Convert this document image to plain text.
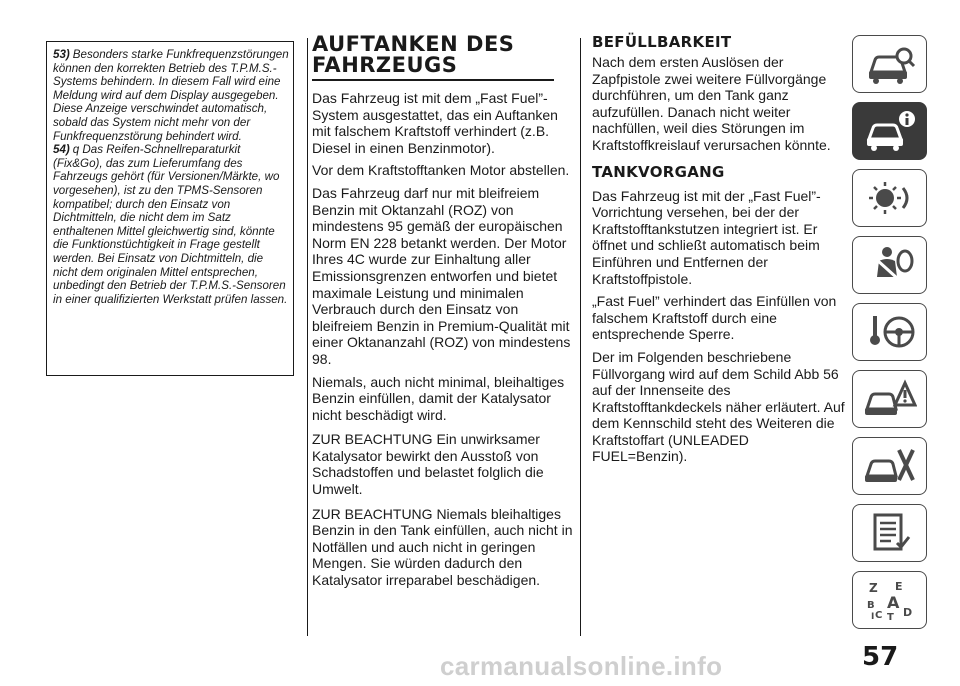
53) Besonders starke Funkfrequenzstörungen können den korrekten Betrieb des T.P.M.S.-Systems behindern. In diesem Fall wird eine Meldung wird auf dem Display ausgegeben. Diese Anzeige verschwindet automatisch, sobald das System nicht mehr von der Funkfrequenzstörung behindert wird.

54) q Das Reifen-Schnellreparaturkit (Fix&Go), das zum Lieferumfang des Fahrzeugs gehört (für Versionen/Märkte, wo vorgesehen), ist zu den TPMS-Sensoren kompatibel; durch den Einsatz von Dichtmitteln, die nicht dem im Satz enthaltenen Mittel gleichwertig sind, könnte die Funktionstüchtigkeit in Frage gestellt werden. Bei Einsatz von Dichtmitteln, die nicht dem originalen Mittel entsprechen, unbedingt den Betrieb der T.P.M.S.-Sensoren in einer qualifizierten Werkstatt prüfen lassen.

AUFTANKEN DES
FAHRZEUGS

Das Fahrzeug ist mit dem „Fast Fuel”-System ausgestattet, das ein Auftanken mit falschem Kraftstoff verhindert (z.B. Diesel in einen Benzinmotor).

Vor dem Kraftstofftanken Motor abstellen.

Das Fahrzeug darf nur mit bleifreiem Benzin mit Oktanzahl (ROZ) von mindestens 95 gemäß der europäischen Norm EN 228 betankt werden. Der Motor Ihres 4C wurde zur Einhaltung aller Emissionsgrenzen entworfen und bietet maximale Leistung und minimalen Verbrauch durch den Einsatz von bleifreiem Benzin in Premium-Qualität mit einer Oktananzahl (ROZ) von mindestens 98.

Niemals, auch nicht minimal, bleihaltiges Benzin einfüllen, damit der Katalysator nicht beschädigt wird.

ZUR BEACHTUNG Ein unwirksamer Katalysator bewirkt den Ausstoß von Schadstoffen und belastet folglich die Umwelt.

ZUR BEACHTUNG Niemals bleihaltiges Benzin in den Tank einfüllen, auch nicht in Notfällen und auch nicht in geringen Mengen. Sie würden dadurch den Katalysator irreparabel beschädigen.

BEFÜLLBARKEIT

Nach dem ersten Auslösen der Zapfpistole zwei weitere Füllvorgänge durchführen, um den Tank ganz aufzufüllen. Danach nicht weiter nachfüllen, weil dies Störungen im Kraftstoffkreislauf verursachen könnte.

TANKVORGANG

Das Fahrzeug ist mit der „Fast Fuel”-Vorrichtung versehen, bei der der Kraftstofftankstutzen integriert ist. Er öffnet und schließt automatisch beim Einführen und Entfernen der Kraftstoffpistole.

„Fast Fuel” verhindert das Einfüllen von falschem Kraftstoff durch eine entsprechende Sperre.

Der im Folgenden beschriebene Füllvorgang wird auf dem Schild Abb 56 auf der Innenseite des Kraftstofftankdeckels näher erläutert. Auf dem Kennschild steht des Weiteren die Kraftstoffart (UNLEADED FUEL=Benzin).

Z E
B A
C T D
I
57
carmanualsonline.info
